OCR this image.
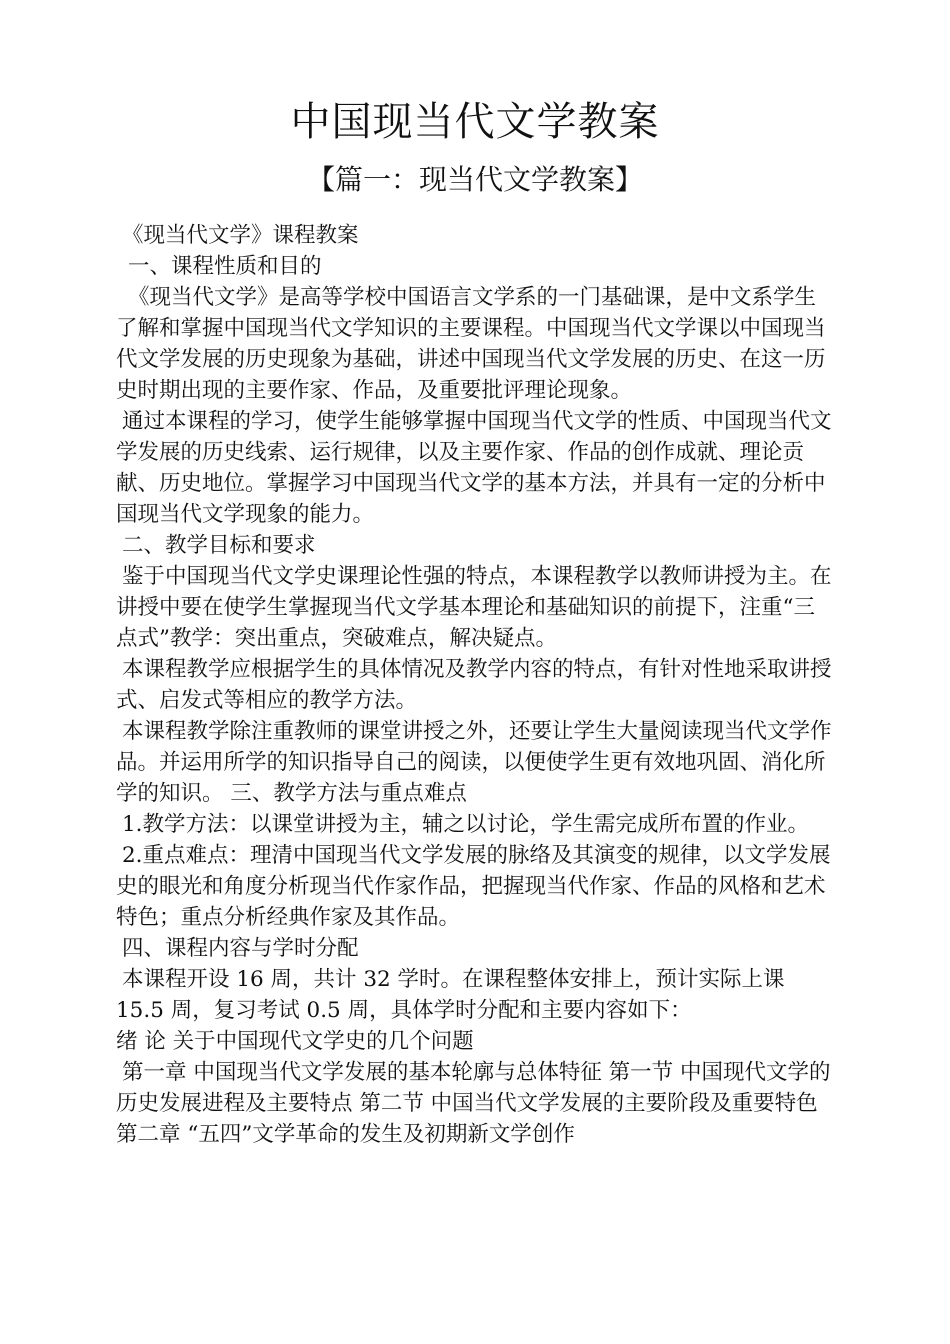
中国现当代文学教案
【篇一：现当代文学教案】

《现当代文学》课程教案

一、课程性质和目的

《现当代文学》是高等学校中国语言文学系的一门基础课，是中文系学生了解和掌握中国现当代文学知识的主要课程。中国现当代文学课以中国现当代文学发展的历史现象为基础，讲述中国现当代文学发展的历史、在这一历史时期出现的主要作家、作品，及重要批评理论现象。

通过本课程的学习，使学生能够掌握中国现当代文学的性质、中国现当代文学发展的历史线索、运行规律，以及主要作家、作品的创作成就、理论贡献、历史地位。掌握学习中国现当代文学的基本方法，并具有一定的分析中国现当代文学现象的能力。

二、教学目标和要求

鉴于中国现当代文学史课理论性强的特点，本课程教学以教师讲授为主。在讲授中要在使学生掌握现当代文学基本理论和基础知识的前提下，注重“三点式”教学：突出重点，突破难点，解决疑点。

本课程教学应根据学生的具体情况及教学内容的特点，有针对性地采取讲授式、启发式等相应的教学方法。

本课程教学除注重教师的课堂讲授之外，还要让学生大量阅读现当代文学作品。并运用所学的知识指导自己的阅读，以便使学生更有效地巩固、消化所学的知识。 三、教学方法与重点难点

1.教学方法：以课堂讲授为主，辅之以讨论，学生需完成所布置的作业。

2.重点难点：理清中国现当代文学发展的脉络及其演变的规律，以文学发展史的眼光和角度分析现当代作家作品，把握现当代作家、作品的风格和艺术特色；重点分析经典作家及其作品。

四、课程内容与学时分配

本课程开设 16 周，共计 32 学时。在课程整体安排上，预计实际上课 15.5 周，复习考试 0.5 周，具体学时分配和主要内容如下：

绪 论 关于中国现代文学史的几个问题

第一章 中国现当代文学发展的基本轮廓与总体特征 第一节 中国现代文学的历史发展进程及主要特点 第二节 中国当代文学发展的主要阶段及重要特色 第二章 “五四”文学革命的发生及初期新文学创作
